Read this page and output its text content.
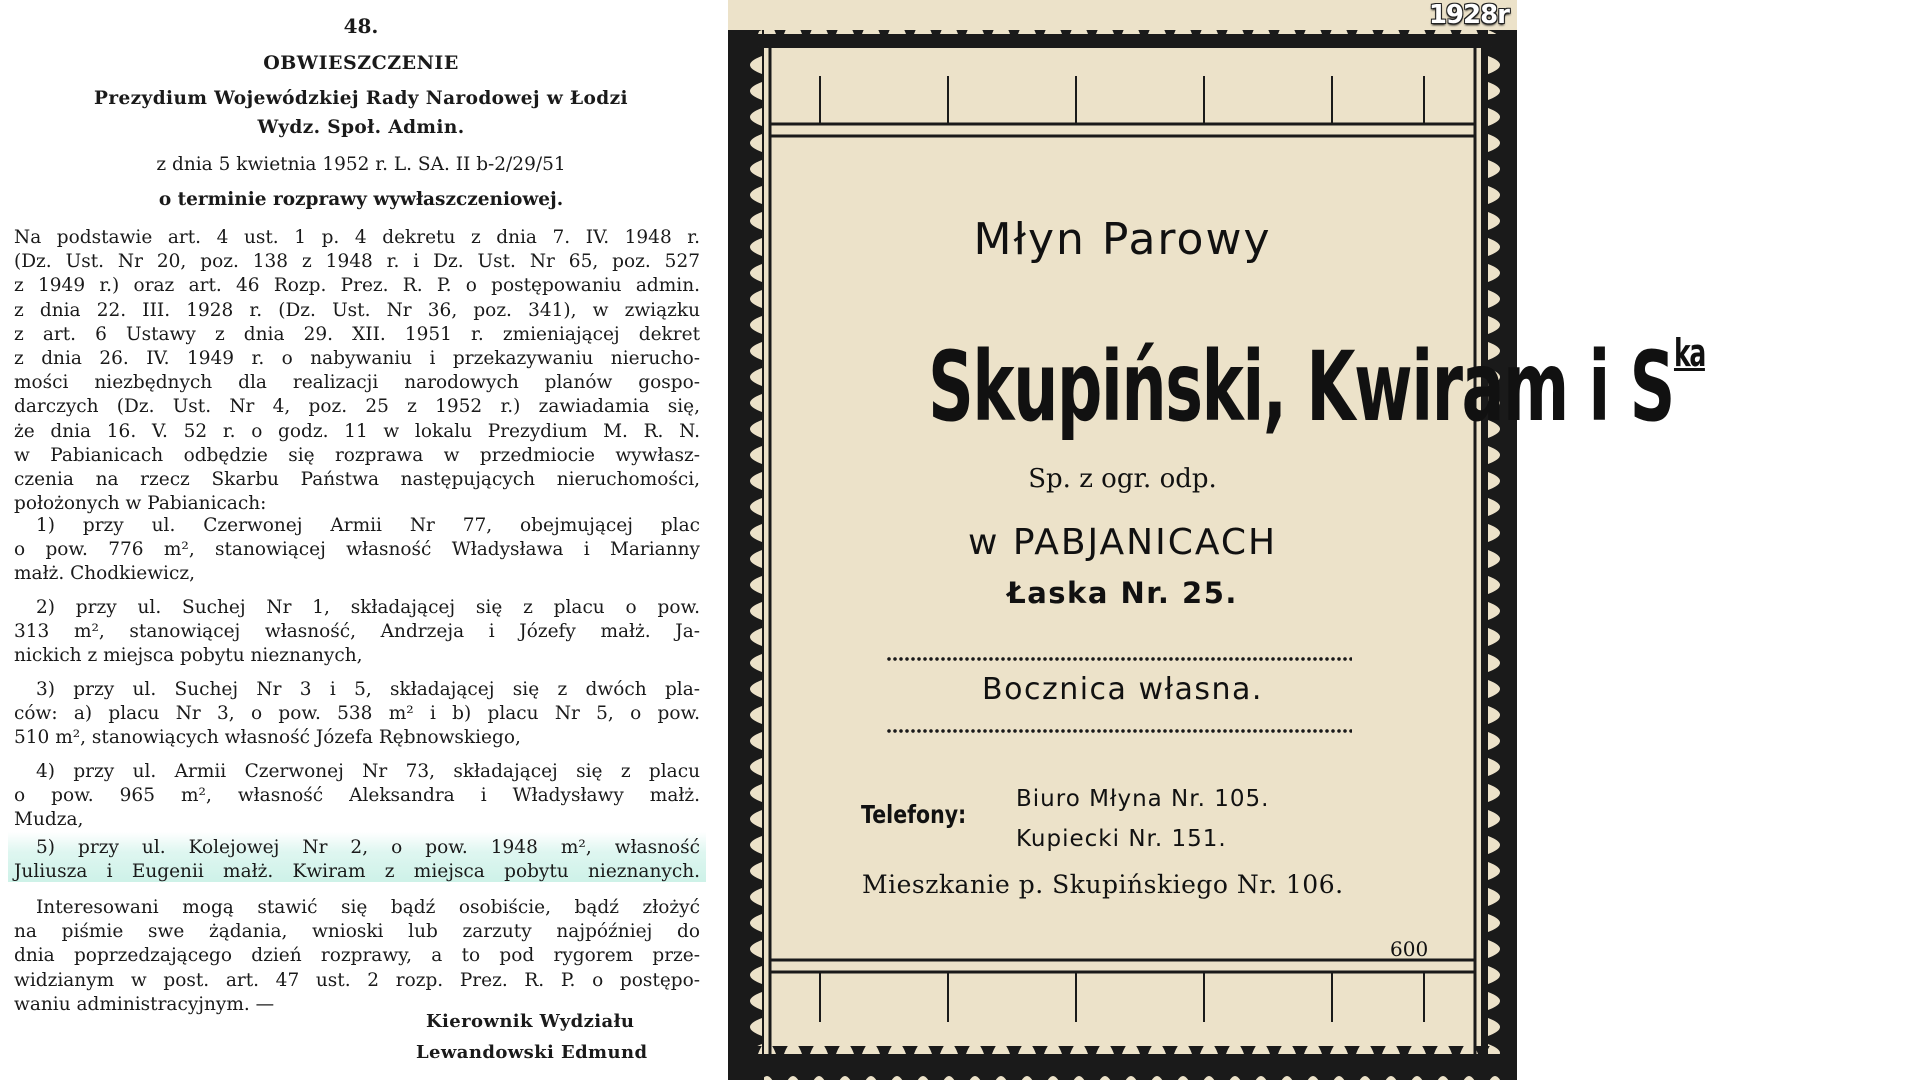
48.
OBWIESZCZENIE
Prezydium Wojewódzkiej Rady Narodowej w Łodzi
Wydz. Społ. Admin.
z dnia 5 kwietnia 1952 r. L. SA. II b-2/29/51
o terminie rozprawy wywłaszczeniowej.

Na podstawie art. 4 ust. 1 p. 4 dekretu z dnia 7. IV. 1948 r.

(Dz. Ust. Nr 20, poz. 138 z 1948 r. i Dz. Ust. Nr 65, poz. 527

z 1949 r.) oraz art. 46 Rozp. Prez. R. P. o postępowaniu admin.

z dnia 22. III. 1928 r. (Dz. Ust. Nr 36, poz. 341), w związku

z art. 6 Ustawy z dnia 29. XII. 1951 r. zmieniającej dekret

z dnia 26. IV. 1949 r. o nabywaniu i przekazywaniu nierucho-

mości niezbędnych dla realizacji narodowych planów gospo-

darczych (Dz. Ust. Nr 4, poz. 25 z 1952 r.) zawiadamia się,

że dnia 16. V. 52 r. o godz. 11 w lokalu Prezydium M. R. N.

w Pabianicach odbędzie się rozprawa w przedmiocie wywłasz-

czenia na rzecz Skarbu Państwa następujących nieruchomości,

położonych w Pabianicach:

1) przy ul. Czerwonej Armii Nr 77, obejmującej plac

o pow. 776 m², stanowiącej własność Władysława i Marianny

małż. Chodkiewicz,

2) przy ul. Suchej Nr 1, składającej się z placu o pow.

313 m², stanowiącej własność, Andrzeja i Józefy małż. Ja-

nickich z miejsca pobytu nieznanych,

3) przy ul. Suchej Nr 3 i 5, składającej się z dwóch pla-

ców: a) placu Nr 3, o pow. 538 m² i b) placu Nr 5, o pow.

510 m², stanowiących własność Józefa Rębnowskiego,

4) przy ul. Armii Czerwonej Nr 73, składającej się z placu

o pow. 965 m², własność Aleksandra i Władysławy małż.

Mudza,

5) przy ul. Kolejowej Nr 2, o pow. 1948 m², własność

Juliusza i Eugenii małż. Kwiram z miejsca pobytu nieznanych.

Interesowani mogą stawić się bądź osobiście, bądź złożyć

na piśmie swe żądania, wnioski lub zarzuty najpóźniej do

dnia poprzedzającego dzień rozprawy, a to pod rygorem prze-

widzianym w post. art. 47 ust. 2 rozp. Prez. R. P. o postępo-

waniu administracyjnym. —

Kierownik Wydziału
Lewandowski Edmund
1928r
Młyn Parowy
Skupiński, Kwiram i $S^{ka}$
Sp. z ogr. odp.
w PABJANICACH
Łaska Nr. 25.
Bocznica własna.
Telefony:
Biuro Młyna Nr. 105.
Kupiecki Nr. 151.
Mieszkanie p. Skupińskiego Nr. 106.
600
